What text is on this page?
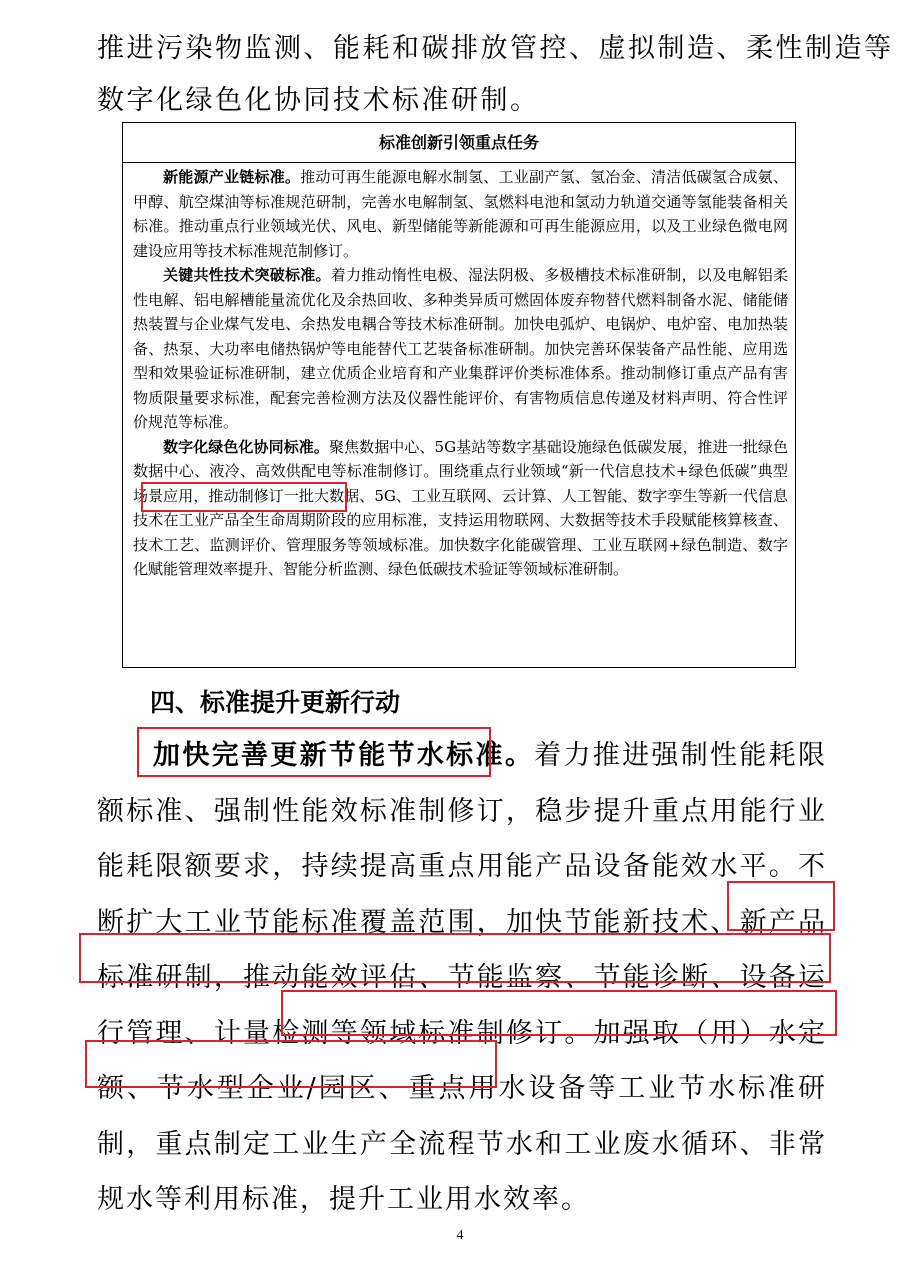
推进污染物监测、能耗和碳排放管控、虚拟制造、柔性制造等
数字化绿色化协同技术标准研制。
标准创新引领重点任务

新能源产业链标准。推动可再生能源电解水制氢、工业副产氢、氢冶金、清洁低碳氢合成氨、甲醇、航空煤油等标准规范研制，完善水电解制氢、氢燃料电池和氢动力轨道交通等氢能装备相关标准。推动重点行业领域光伏、风电、新型储能等新能源和可再生能源应用，以及工业绿色微电网建设应用等技术标准规范制修订。

关键共性技术突破标准。着力推动惰性电极、湿法阴极、多极槽技术标准研制，以及电解铝柔性电解、铝电解槽能量流优化及余热回收、多种类异质可燃固体废弃物替代燃料制备水泥、储能储热装置与企业煤气发电、余热发电耦合等技术标准研制。加快电弧炉、电锅炉、电炉窑、电加热装备、热泵、大功率电储热锅炉等电能替代工艺装备标准研制。加快完善环保装备产品性能、应用选型和效果验证标准研制，建立优质企业培育和产业集群评价类标准体系。推动制修订重点产品有害物质限量要求标准，配套完善检测方法及仪器性能评价、有害物质信息传递及材料声明、符合性评价规范等标准。

数字化绿色化协同标准。聚焦数据中心、5G基站等数字基础设施绿色低碳发展，推进一批绿色数据中心、液冷、高效供配电等标准制修订。围绕重点行业领域“新一代信息技术+绿色低碳”典型场景应用，推动制修订一批大数据、5G、工业互联网、云计算、人工智能、数字孪生等新一代信息技术在工业产品全生命周期阶段的应用标准，支持运用物联网、大数据等技术手段赋能核算核查、技术工艺、监测评价、管理服务等领域标准。加快数字化能碳管理、工业互联网+绿色制造、数字化赋能管理效率提升、智能分析监测、绿色低碳技术验证等领域标准研制。

四、标准提升更新行动

加快完善更新节能节水标准。着力推进强制性能耗限额标准、强制性能效标准制修订，稳步提升重点用能行业能耗限额要求，持续提高重点用能产品设备能效水平。不断扩大工业节能标准覆盖范围，加快节能新技术、新产品标准研制，推动能效评估、节能监察、节能诊断、设备运行管理、计量检测等领域标准制修订。加强取（用）水定额、节水型企业/园区、重点用水设备等工业节水标准研制，重点制定工业生产全流程节水和工业废水循环、非常规水等利用标准，提升工业用水效率。

4
